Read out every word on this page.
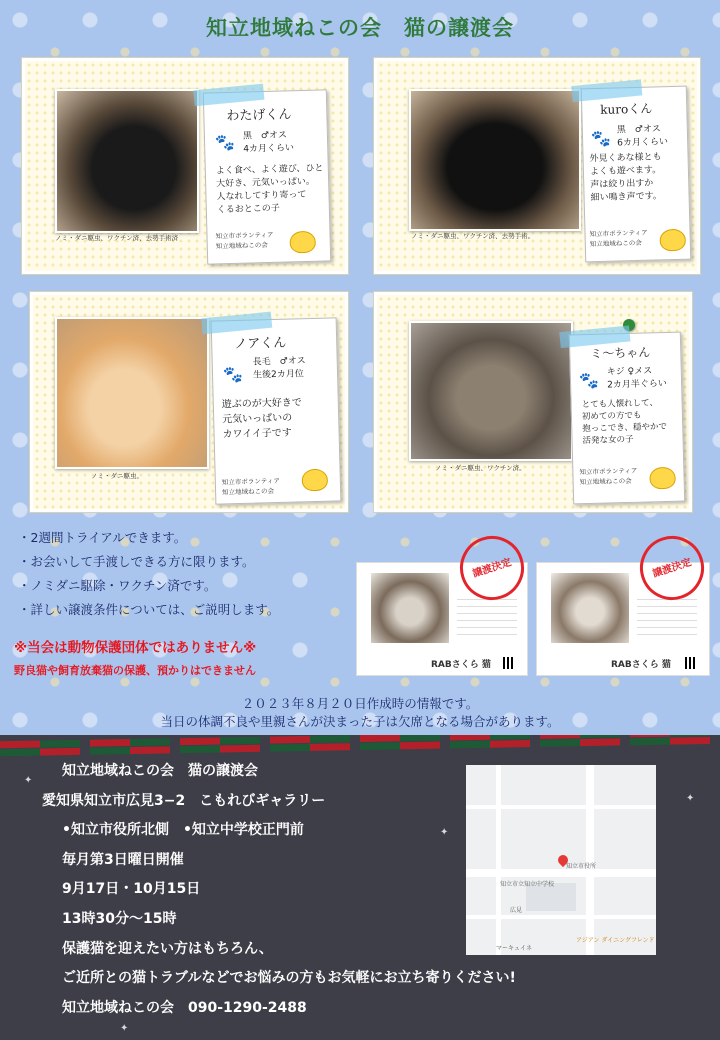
知立地域ねこの会　猫の譲渡会
ノミ・ダニ駆虫、ワクチン済、去勢手術済
わたげくん
🐾 黒　♂オス
4カ月くらい
よく食べ、よく遊び、ひと
大好き、元気いっぱい。
人なれしてすり寄って
くるおとこの子
知立市ボランティア
知立地域ねこの会
ノミ・ダニ駆虫、ワクチン済、去勢手術。
kuroくん
🐾 黒　♂オス
6カ月くらい
外見くあな様とも
よくも遊べます。
声は絞り出すか
細い鳴き声です。
知立市ボランティア
知立地域ねこの会
ノミ・ダニ駆虫。
ノアくん
🐾
長毛　♂オス
生後2カ月位
遊ぶのが大好きで
元気いっぱいの
カワイイ子です
知立市ボランティア
知立地域ねこの会
ノミ・ダニ駆虫、ワクチン済。
ミ～ちゃん
🐾 キジ ♀メス
2カ月半ぐらい
とても人懐れして、
初めての方でも
抱っこでき、穏やかで
活発な女の子
知立市ボランティア
知立地域ねこの会
・2週間トライアルできます。
・お会いして手渡しできる方に限ります。
・ノミダニ駆除・ワクチン済です。
・詳しい譲渡条件については、ご説明します。
※当会は動物保護団体ではありません※
野良猫や飼育放棄猫の保護、預かりはできません	RABさくら 猫
譲渡決定
RABさくら 猫
譲渡決定
２０２３年８月２０日作成時の情報です。
当日の体調不良や里親さんが決まった子は欠席となる場合があります。
✦
✦
✦
✦
知立地域ねこの会　猫の譲渡会
愛知県知立市広見3−2　こもれびギャラリー
•知立市役所北側　•知立中学校正門前
毎月第3日曜日開催
9月17日・10月15日
13時30分〜15時
保護猫を迎えたい方はもちろん、
ご近所との猫トラブルなどでお悩みの方もお気軽にお立ち寄りください!
知立地域ねこの会　090-1290-2488
知立市役所
知立市立知立中学校
広見
マーキュイネ
アジアン ダイニングフレンド
